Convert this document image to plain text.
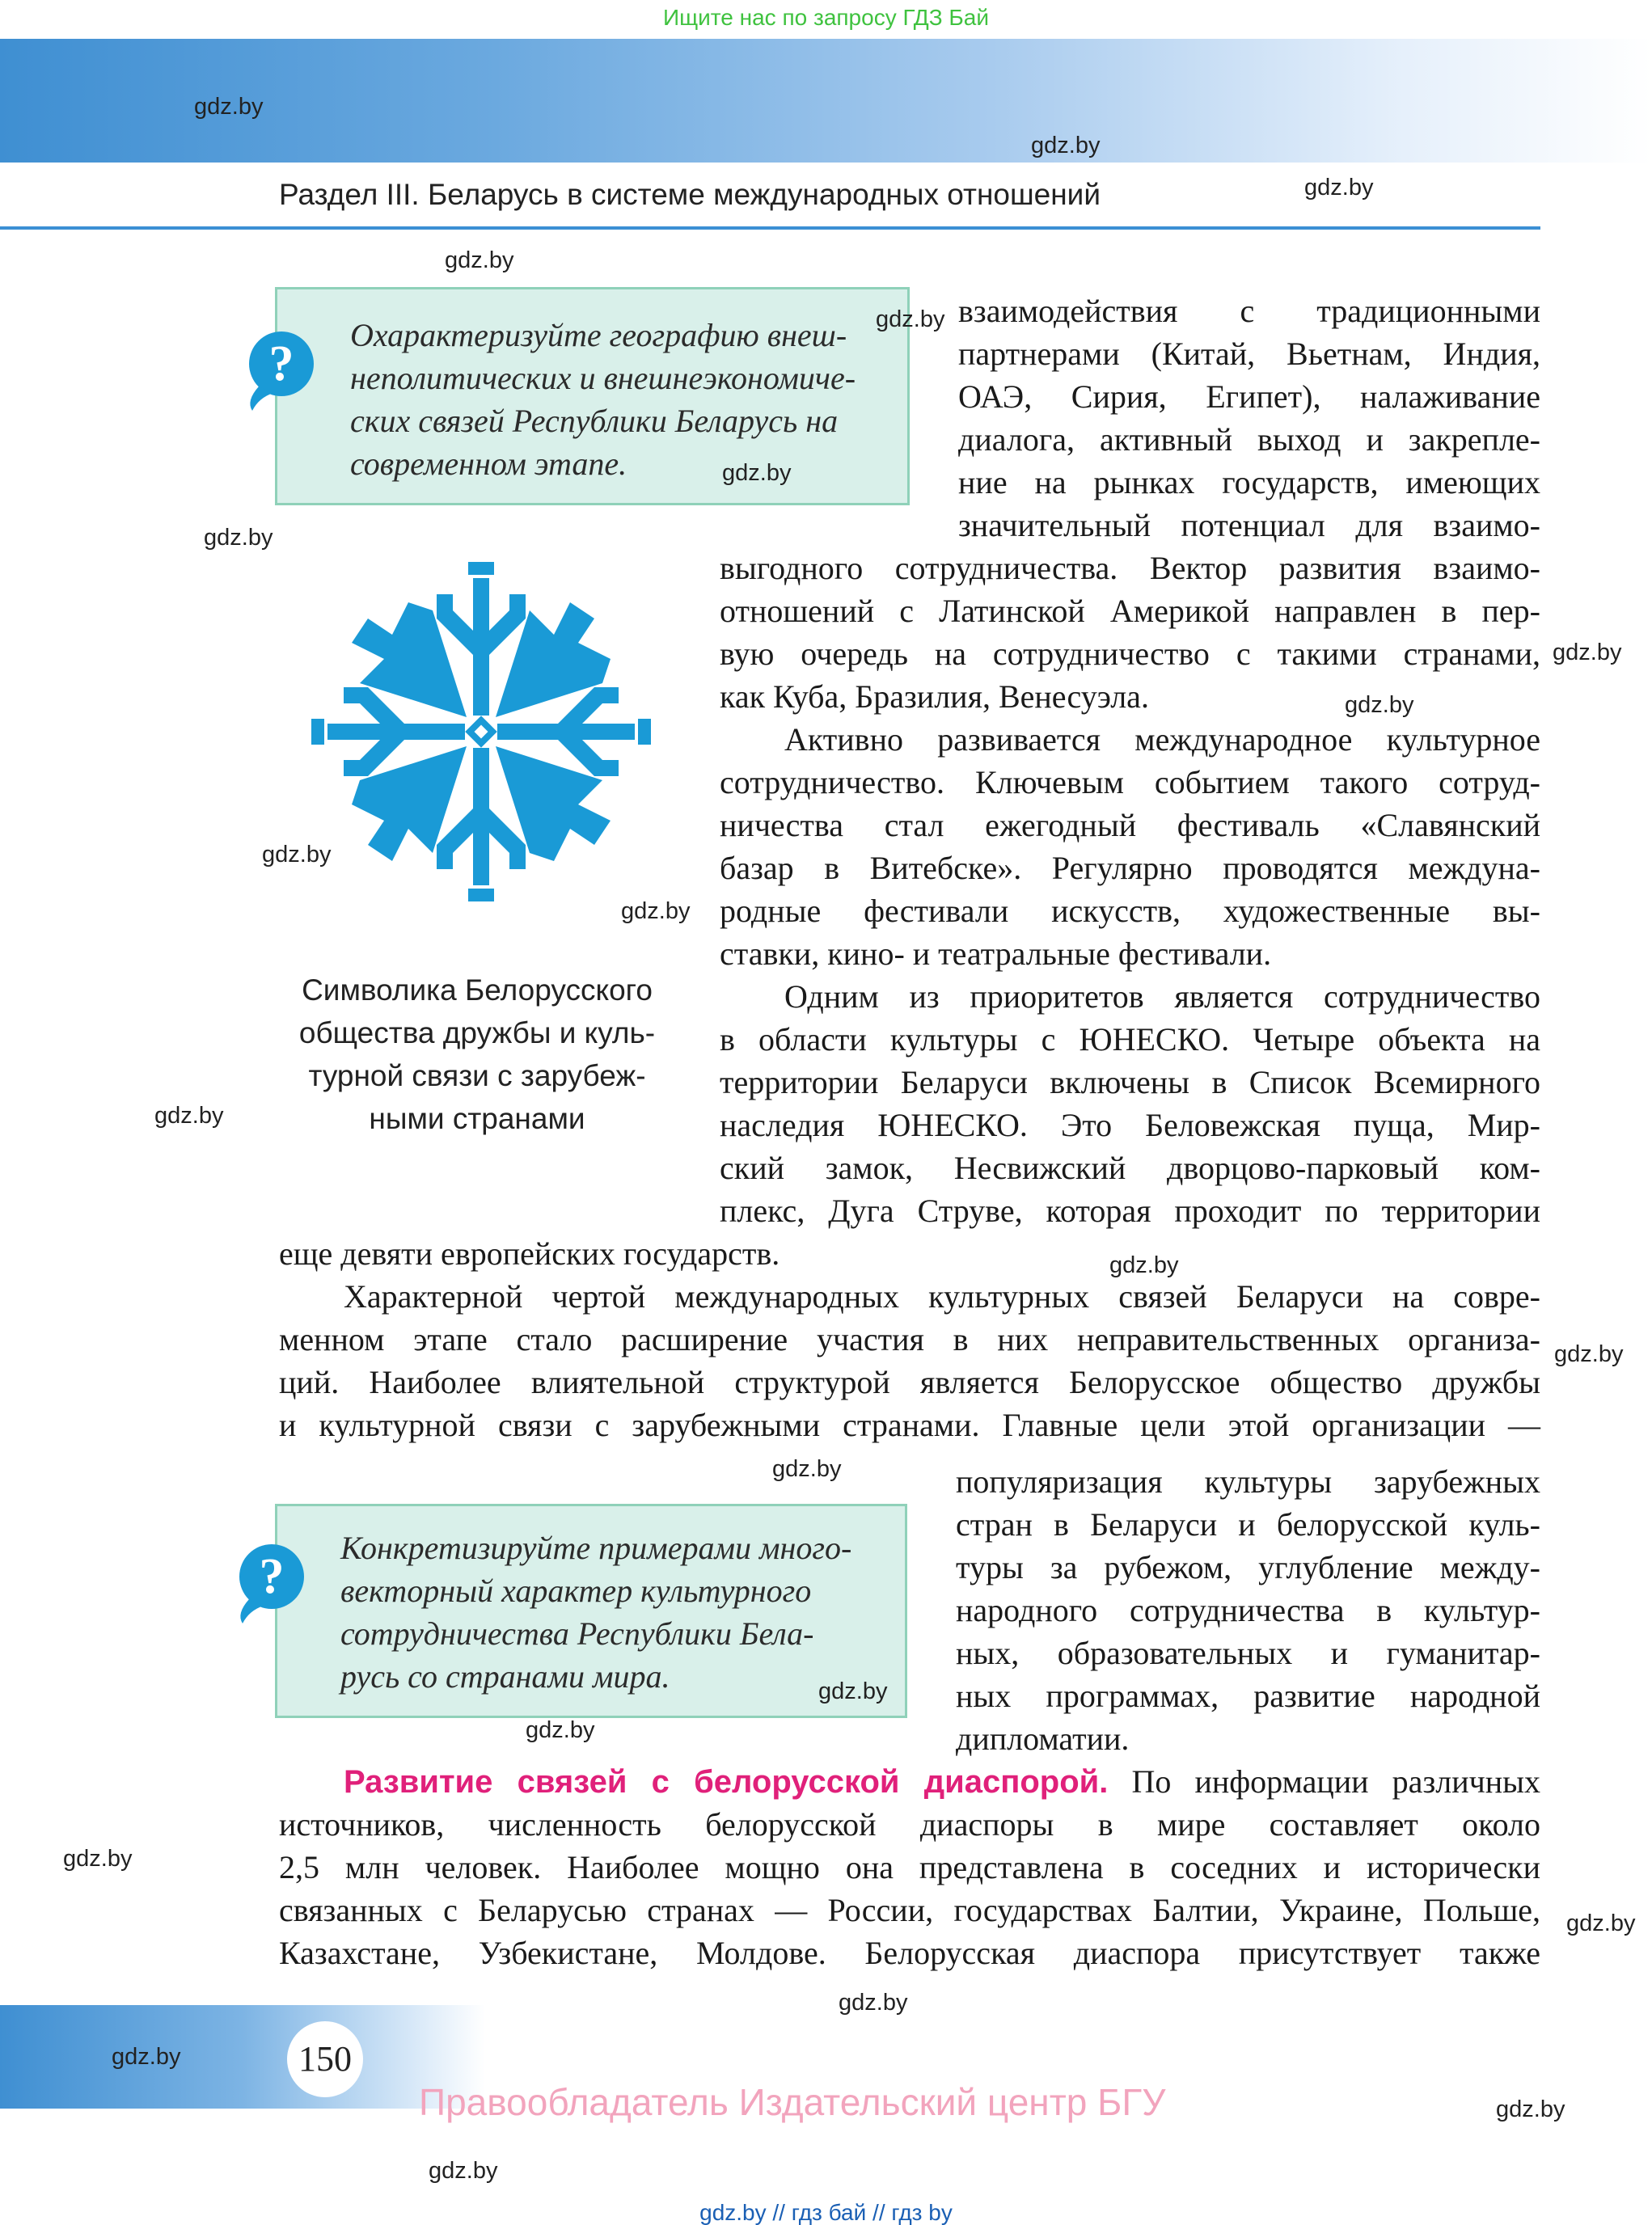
Ищите нас по запросу ГДЗ Бай
Раздел III. Беларусь в системе международных отношений
Охарактеризуйте географию внеш-
неполитических и внешнеэкономиче-
ских связей Республики Беларусь на
современном этапе.
?
Символика Белорусского
общества дружбы и куль-
турной связи с зарубеж-
ными странами
взаимодействия с традиционными
партнерами (Китай, Вьетнам, Индия,
ОАЭ, Сирия, Египет), налаживание
диалога, активный выход и закрепле-
ние на рынках государств, имеющих
значительный потенциал для взаимо-
выгодного сотрудничества. Вектор развития взаимо-
отношений с Латинской Америкой направлен в пер-
вую очередь на сотрудничество с такими странами,
как Куба, Бразилия, Венесуэла.
Активно развивается международное культурное
сотрудничество. Ключевым событием такого сотруд-
ничества стал ежегодный фестиваль «Славянский
базар в Витебске». Регулярно проводятся междуна-
родные фестивали искусств, художественные вы-
ставки, кино- и театральные фестивали.
Одним из приоритетов является сотрудничество
в области культуры с ЮНЕСКО. Четыре объекта на
территории Беларуси включены в Список Всемирного
наследия ЮНЕСКО. Это Беловежская пуща, Мир-
ский замок, Несвижский дворцово-парковый ком-
плекс, Дуга Струве, которая проходит по территории
еще девяти европейских государств.
Характерной чертой международных культурных связей Беларуси на совре-
менном этапе стало расширение участия в них неправительственных организа-
ций. Наиболее влиятельной структурой является Белорусское общество дружбы
и культурной связи с зарубежными странами. Главные цели этой организации —
Конкретизируйте примерами много-
векторный характер культурного
сотрудничества Республики Бела-
русь со странами мира.
?
популяризация культуры зарубежных
стран в Беларуси и белорусской куль-
туры за рубежом, углубление между-
народного сотрудничества в культур-
ных, образовательных и гуманитар-
ных программах, развитие народной
дипломатии.
Развитие связей с белорусской диаспорой. По информации различных
источников, численность белорусской диаспоры в мире составляет около
2,5 млн человек. Наиболее мощно она представлена в соседних и исторически
связанных с Беларусью странах — России, государствах Балтии, Украине, Польше,
Казахстане, Узбекистане, Молдове. Белорусская диаспора присутствует также
150
Правообладатель Издательский центр БГУ
gdz.by // гдз бай // гдз by
gdz.by
gdz.by
gdz.by
gdz.by
gdz.by
gdz.by
gdz.by
gdz.by
gdz.by
gdz.by
gdz.by
gdz.by
gdz.by
gdz.by
gdz.by
gdz.by
gdz.by
gdz.by
gdz.by
gdz.by
gdz.by
gdz.by
gdz.by
